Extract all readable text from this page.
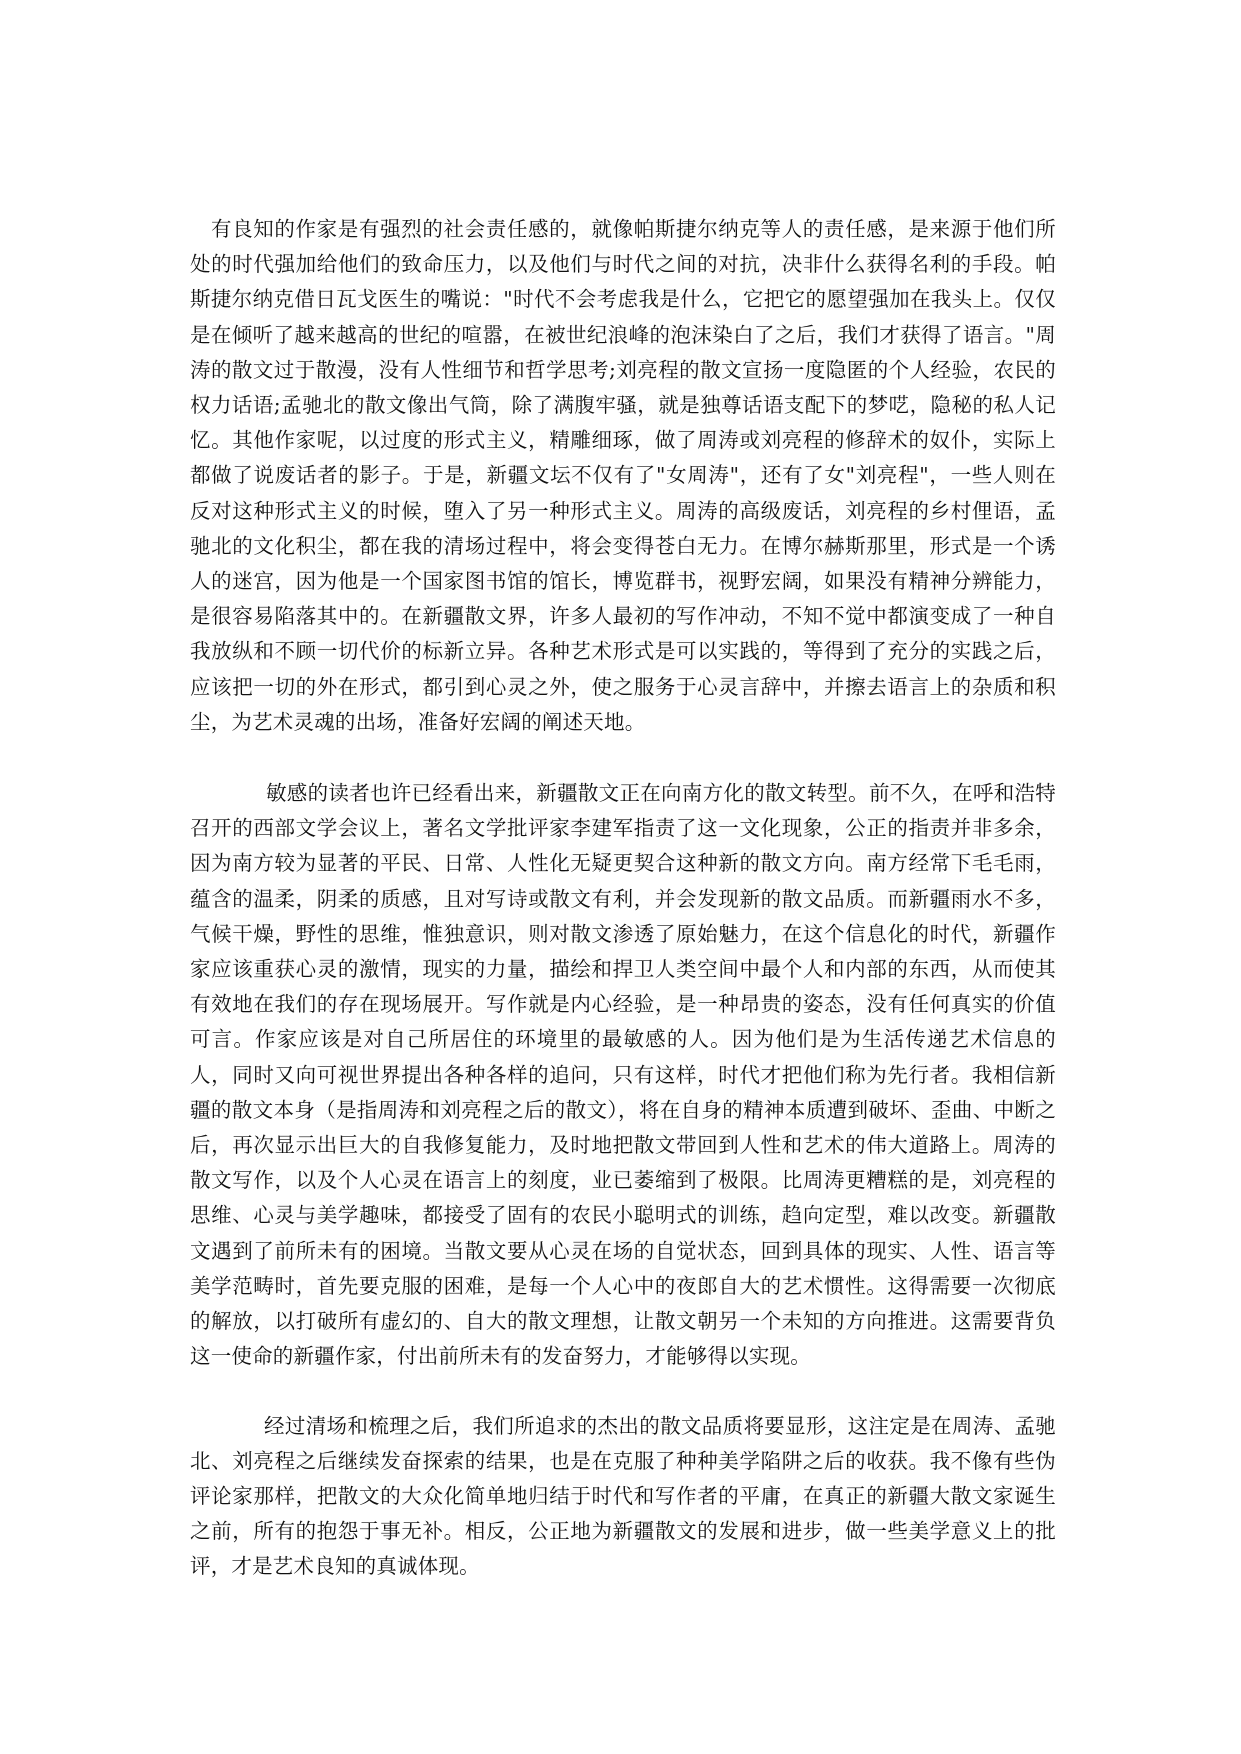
有良知的作家是有强烈的社会责任感的，就像帕斯捷尔纳克等人的责任感，是来源于他们所处的时代强加给他们的致命压力，以及他们与时代之间的对抗，决非什么获得名利的手段。帕斯捷尔纳克借日瓦戈医生的嘴说："时代不会考虑我是什么，它把它的愿望强加在我头上。仅仅是在倾听了越来越高的世纪的喧嚣，在被世纪浪峰的泡沫染白了之后，我们才获得了语言。"周涛的散文过于散漫，没有人性细节和哲学思考;刘亮程的散文宣扬一度隐匿的个人经验，农民的权力话语;孟驰北的散文像出气筒，除了满腹牢骚，就是独尊话语支配下的梦呓，隐秘的私人记忆。其他作家呢，以过度的形式主义，精雕细琢，做了周涛或刘亮程的修辞术的奴仆，实际上都做了说废话者的影子。于是，新疆文坛不仅有了"女周涛"，还有了女"刘亮程"，一些人则在反对这种形式主义的时候，堕入了另一种形式主义。周涛的高级废话，刘亮程的乡村俚语，孟驰北的文化积尘，都在我的清场过程中，将会变得苍白无力。在博尔赫斯那里，形式是一个诱人的迷宫，因为他是一个国家图书馆的馆长，博览群书，视野宏阔，如果没有精神分辨能力，是很容易陷落其中的。在新疆散文界，许多人最初的写作冲动，不知不觉中都演变成了一种自我放纵和不顾一切代价的标新立异。各种艺术形式是可以实践的，等得到了充分的实践之后，应该把一切的外在形式，都引到心灵之外，使之服务于心灵言辞中，并擦去语言上的杂质和积尘，为艺术灵魂的出场，准备好宏阔的阐述天地。

敏感的读者也许已经看出来，新疆散文正在向南方化的散文转型。前不久，在呼和浩特召开的西部文学会议上，著名文学批评家李建军指责了这一文化现象，公正的指责并非多余，因为南方较为显著的平民、日常、人性化无疑更契合这种新的散文方向。南方经常下毛毛雨，蕴含的温柔，阴柔的质感，且对写诗或散文有利，并会发现新的散文品质。而新疆雨水不多，气候干燥，野性的思维，惟独意识，则对散文渗透了原始魅力，在这个信息化的时代，新疆作家应该重获心灵的激情，现实的力量，描绘和捍卫人类空间中最个人和内部的东西，从而使其有效地在我们的存在现场展开。写作就是内心经验，是一种昂贵的姿态，没有任何真实的价值可言。作家应该是对自己所居住的环境里的最敏感的人。因为他们是为生活传递艺术信息的人，同时又向可视世界提出各种各样的追问，只有这样，时代才把他们称为先行者。我相信新疆的散文本身（是指周涛和刘亮程之后的散文），将在自身的精神本质遭到破坏、歪曲、中断之后，再次显示出巨大的自我修复能力，及时地把散文带回到人性和艺术的伟大道路上。周涛的散文写作，以及个人心灵在语言上的刻度，业已萎缩到了极限。比周涛更糟糕的是，刘亮程的思维、心灵与美学趣味，都接受了固有的农民小聪明式的训练，趋向定型，难以改变。新疆散文遇到了前所未有的困境。当散文要从心灵在场的自觉状态，回到具体的现实、人性、语言等美学范畴时，首先要克服的困难，是每一个人心中的夜郎自大的艺术惯性。这得需要一次彻底的解放，以打破所有虚幻的、自大的散文理想，让散文朝另一个未知的方向推进。这需要背负这一使命的新疆作家，付出前所未有的发奋努力，才能够得以实现。

经过清场和梳理之后，我们所追求的杰出的散文品质将要显形，这注定是在周涛、孟驰北、刘亮程之后继续发奋探索的结果，也是在克服了种种美学陷阱之后的收获。我不像有些伪评论家那样，把散文的大众化简单地归结于时代和写作者的平庸，在真正的新疆大散文家诞生之前，所有的抱怨于事无补。相反，公正地为新疆散文的发展和进步，做一些美学意义上的批评，才是艺术良知的真诚体现。
